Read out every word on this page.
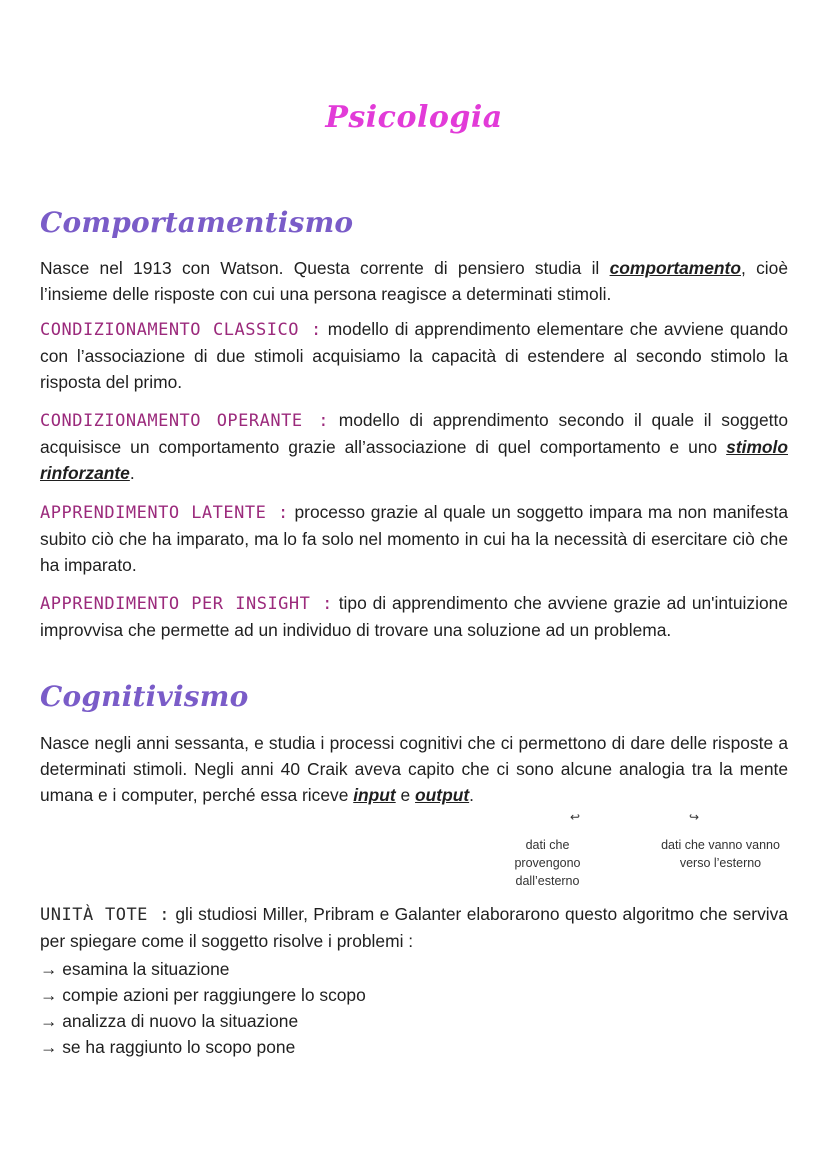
Psicologia
Comportamentismo
Nasce nel 1913 con Watson. Questa corrente di pensiero studia il comportamento, cioè l’insieme delle risposte con cui una persona reagisce a determinati stimoli.
CONDIZIONAMENTO CLASSICO : modello di apprendimento elementare che avviene quando con l’associazione di due stimoli acquisiamo la capacità di estendere al secondo stimolo la risposta del primo.
CONDIZIONAMENTO OPERANTE : modello di apprendimento secondo il quale il soggetto acquisisce un comportamento grazie all’associazione di quel comportamento e uno stimolo rinforzante.
APPRENDIMENTO LATENTE : processo grazie al quale un soggetto impara ma non manifesta subito ciò che ha imparato, ma lo fa solo nel momento in cui ha la necessità di esercitare ciò che ha imparato.
APPRENDIMENTO PER INSIGHT : tipo di apprendimento che avviene grazie ad un'intuizione improvvisa che permette ad un individuo di trovare una soluzione ad un problema.
Cognitivismo
Nasce negli anni sessanta, e studia i processi cognitivi che ci permettono di dare delle risposte a determinati stimoli. Negli anni 40 Craik aveva capito che ci sono alcune analogia tra la mente umana e i computer, perché essa riceve input e output.
↩	↪
dati che provengono dall’esterno
dati che vanno vanno verso l’esterno
UNITÀ TOTE : gli studiosi Miller, Pribram e Galanter elaborarono questo algoritmo che serviva per spiegare come il soggetto risolve i problemi :
→ esamina la situazione
→ compie azioni per raggiungere lo scopo
→ analizza di nuovo la situazione
→ se ha raggiunto lo scopo pone
